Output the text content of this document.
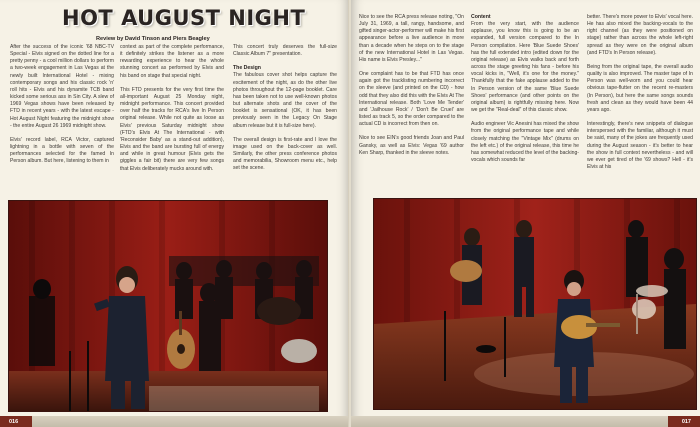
HOT AUGUST NIGHT
Review by David Tinson and Piers Beagley

After the success of the iconic '68 NBC-TV Special - Elvis signed on the dotted line for a pretty penny - a cool million dollars to perform a two-week engagement in Las Vegas at the newly built International Hotel - mixing contemporary songs and his classic rock 'n' roll hits - Elvis and his dynamite TCB band kicked some serious ass in Sin City. A slew of 1969 Vegas shows have been released by FTD in recent years - with the latest escape - Hot August Night featuring the midnight show - the entire August 26 1969 midnight show.

Elvis' record label, RCA Victor, captured lightning in a bottle with seven of the performances selected for the famed In Person album. But here, listening to them in

context as part of the complete performance, it definitely strikes the listener as a more rewarding experience to hear the whole stunning concert as performed by Elvis and his band on stage that special night.

This FTD presents for the very first time the all-important August 25 Monday night, midnight performance. This concert provided over half the tracks for RCA's live In Person original release. While not quite as loose as Elvis' previous Saturday midnight show (FTD's Elvis At The International - with 'Reconsider Baby' as a stand-out addition), Elvis and the band are bursting full of energy and while in great humour (Elvis gets the giggles a fair bit) there are very few songs that Elvis deliberately mucks around with.

This concert truly deserves the full-size Classic Album 7" presentation.

The Design

The fabulous cover shot helps capture the excitement of the night, as do the other live photos throughout the 12-page booklet. Care has been taken not to use well-known photos but alternate shots and the cover of the booklet is sensational (OK, it has been previously seen in the Legacy On Stage album release but it is full-size here).

The overall design is first-rate and I love the image used on the back-cover as well. Similarly, the other press conference photos and memorabilia, Showroom menu etc., help set the scene.

016

Nice to see the RCA press release noting, "On July 31, 1969, a tall, rangy, handsome, and gifted singer-actor-performer will make his first appearance before a live audience in more than a decade when he steps on to the stage of the new International Hotel in Las Vegas. His name is Elvis Presley..."

One complaint has to be that FTD has once again got the tracklisting numbering incorrect on the sleeve (and printed on the CD) - how odd that they also did this with the Elvis At The International release. Both 'Love Me Tender' and 'Jailhouse Rock' / 'Don't Be Cruel' are listed as track 5, so the order compared to the actual CD is incorrect from then on.

Nice to see EIN's good friends Joan and Paul Gansky, as well as Elvis: Vegas '69 author Ken Sharp, thanked in the sleeve notes.

Content

From the very start, with the audience applause, you know this is going to be an expanded, full version compared to the In Person compilation. Here 'Blue Suede Shoes' has the full extended intro (edited down for the original release) as Elvis walks back and forth across the stage greeting his fans - before his vocal kicks in, "Well, it's one for the money." Thankfully that the fake applause added to the In Person version of the same 'Blue Suede Shoes' performance (and other points on the original album) is rightfully missing here. Now we get the "Real-deal" of this classic show.

Audio engineer Vic Anesini has mixed the show from the original performance tape and while closely matching the "Vintage Mix" (drums on the left etc.) of the original release, this time he has somewhat reduced the level of the backing-vocals which sounds far

better. There's more power to Elvis' vocal here. He has also mixed the backing-vocals to the right channel (as they were positioned on stage) rather than across the whole left-right spread as they were on the original album (and FTD's In Person release).

Being from the original tape, the overall audio quality is also improved. The master tape of In Person was well-worn and you could hear obvious tape-flutter on the recent re-masters (In Person), but here the same songs sounds fresh and clean as they would have been 44 years ago.

Interestingly, there's new snippets of dialogue interspersed with the familiar, although it must be said, many of the jokes are frequently used during the August season - it's better to hear the show in full context nevertheless - and will we ever get tired of the '69 shows? Hell - it's Elvis at his

017
